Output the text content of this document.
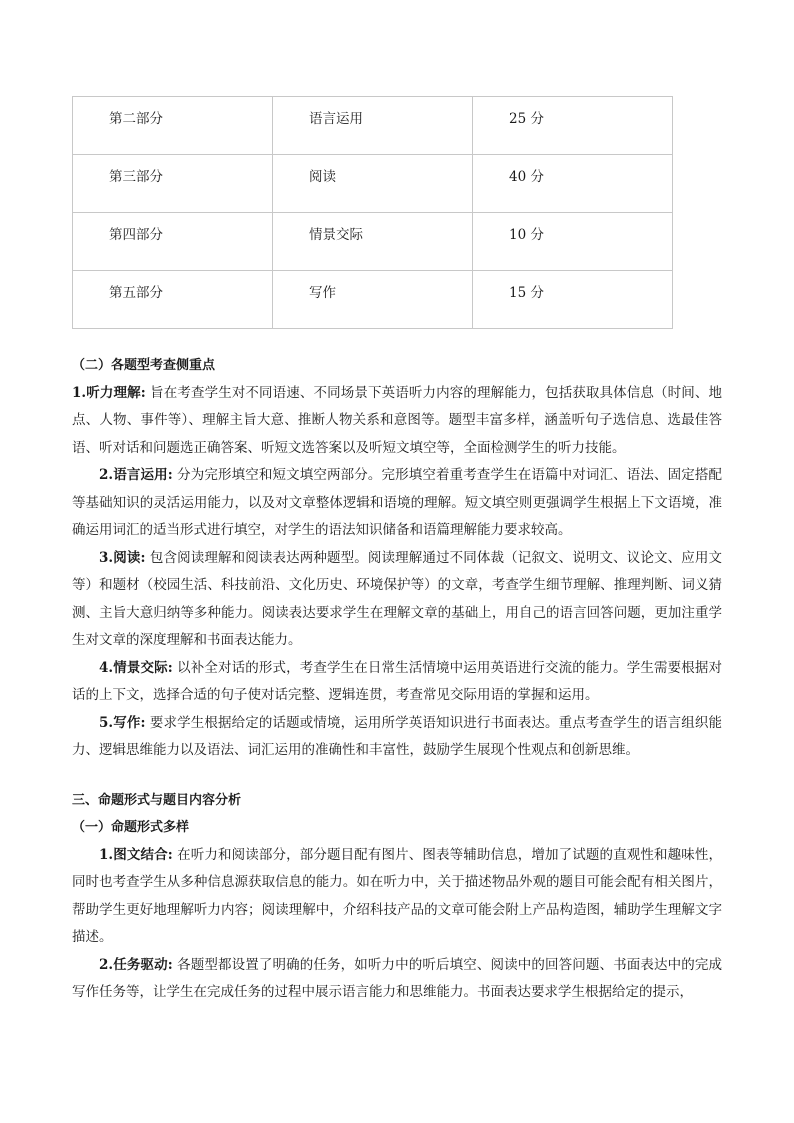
第二部分	语言运用	25 分
第三部分	阅读	40 分
第四部分	情景交际	10 分
第五部分	写作	15 分

（二）各题型考查侧重点

1.听力理解: 旨在考查学生对不同语速、不同场景下英语听力内容的理解能力，包括获取具体信息（时间、地点、人物、事件等）、理解主旨大意、推断人物关系和意图等。题型丰富多样，涵盖听句子选信息、选最佳答语、听对话和问题选正确答案、听短文选答案以及听短文填空等，全面检测学生的听力技能。

2.语言运用: 分为完形填空和短文填空两部分。完形填空着重考查学生在语篇中对词汇、语法、固定搭配等基础知识的灵活运用能力，以及对文章整体逻辑和语境的理解。短文填空则更强调学生根据上下文语境，准确运用词汇的适当形式进行填空，对学生的语法知识储备和语篇理解能力要求较高。

3.阅读: 包含阅读理解和阅读表达两种题型。阅读理解通过不同体裁（记叙文、说明文、议论文、应用文等）和题材（校园生活、科技前沿、文化历史、环境保护等）的文章，考查学生细节理解、推理判断、词义猜测、主旨大意归纳等多种能力。阅读表达要求学生在理解文章的基础上，用自己的语言回答问题，更加注重学生对文章的深度理解和书面表达能力。

4.情景交际: 以补全对话的形式，考查学生在日常生活情境中运用英语进行交流的能力。学生需要根据对话的上下文，选择合适的句子使对话完整、逻辑连贯，考查常见交际用语的掌握和运用。

5.写作: 要求学生根据给定的话题或情境，运用所学英语知识进行书面表达。重点考查学生的语言组织能力、逻辑思维能力以及语法、词汇运用的准确性和丰富性，鼓励学生展现个性观点和创新思维。

三、命题形式与题目内容分析

（一）命题形式多样

1.图文结合: 在听力和阅读部分，部分题目配有图片、图表等辅助信息，增加了试题的直观性和趣味性，同时也考查学生从多种信息源获取信息的能力。如在听力中，关于描述物品外观的题目可能会配有相关图片，帮助学生更好地理解听力内容；阅读理解中，介绍科技产品的文章可能会附上产品构造图，辅助学生理解文字描述。

2.任务驱动: 各题型都设置了明确的任务，如听力中的听后填空、阅读中的回答问题、书面表达中的完成写作任务等，让学生在完成任务的过程中展示语言能力和思维能力。书面表达要求学生根据给定的提示，
